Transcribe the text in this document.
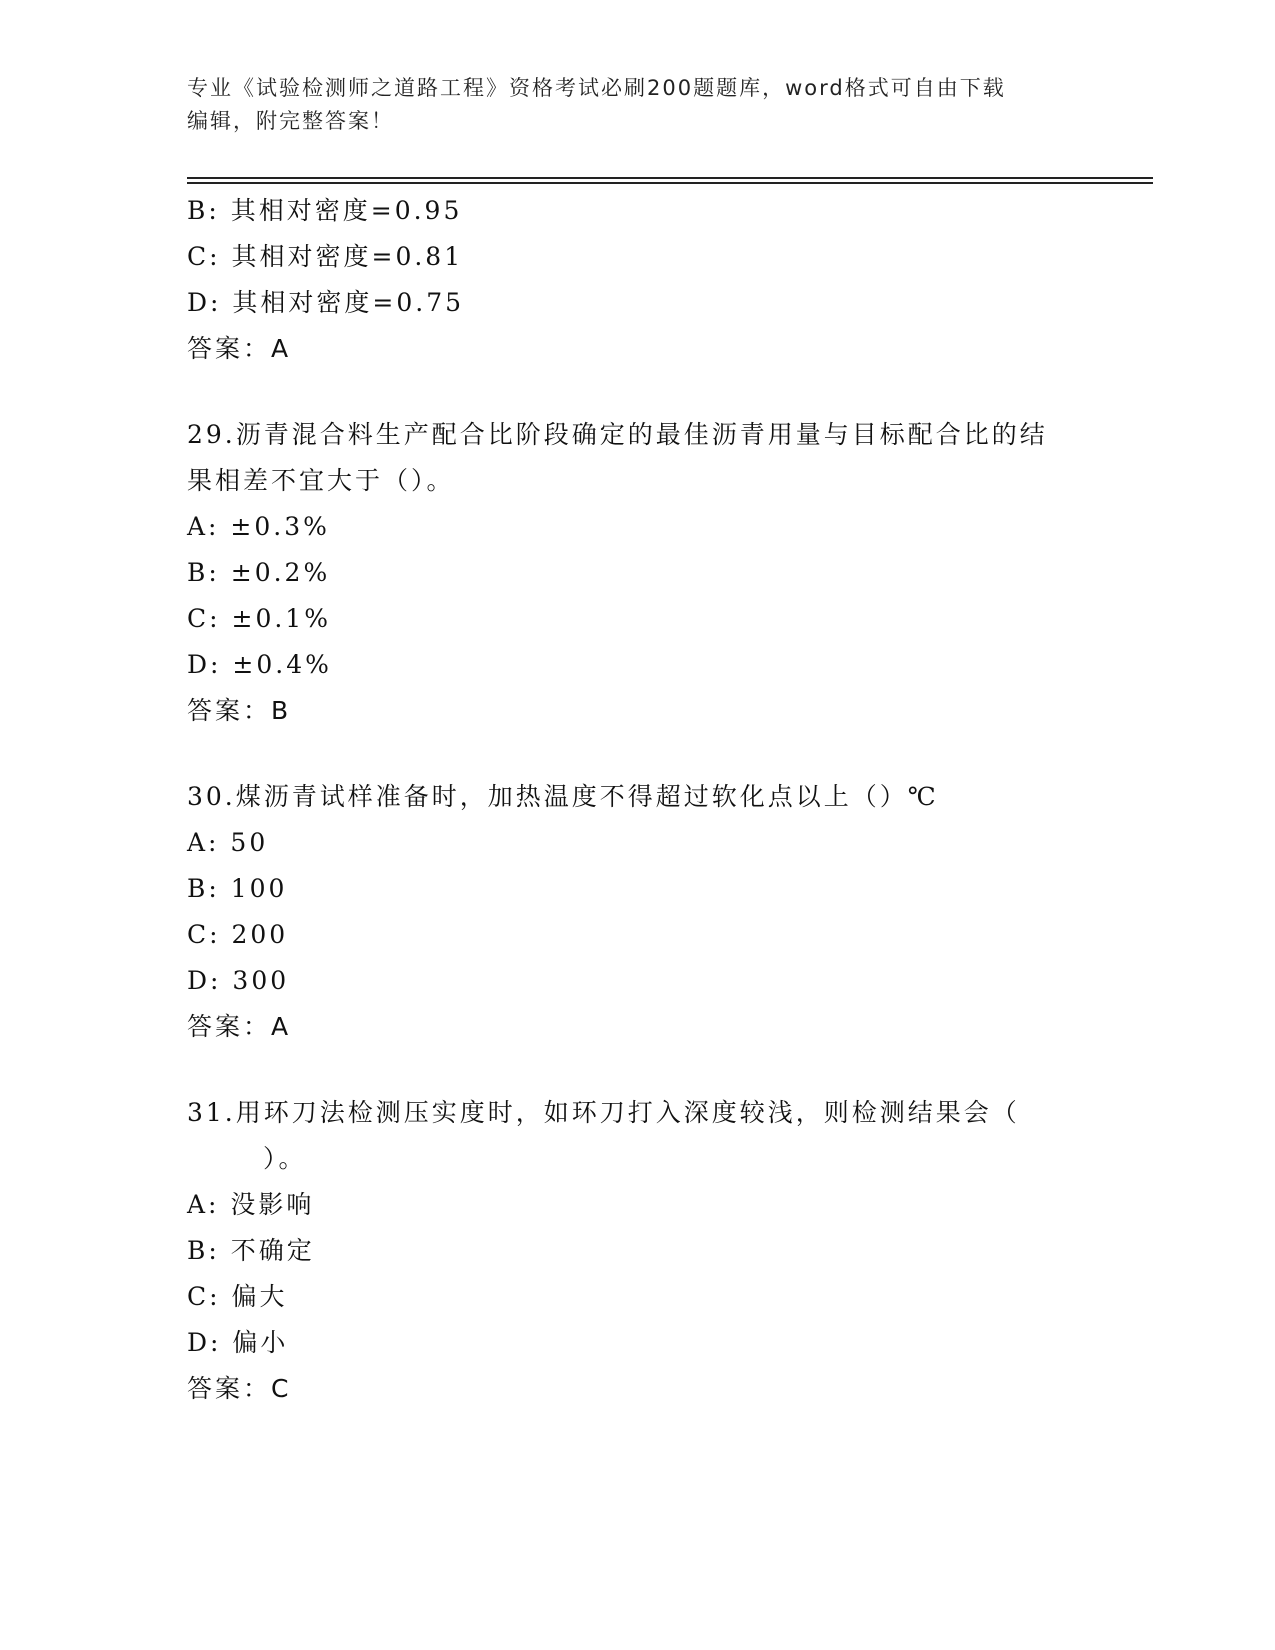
专业《试验检测师之道路工程》资格考试必刷200题题库，word格式可自由下载
编辑，附完整答案！
B: 其相对密度=0.95
C: 其相对密度=0.81
D: 其相对密度=0.75
答案：A
29.沥青混合料生产配合比阶段确定的最佳沥青用量与目标配合比的结
果相差不宜大于（）。
A: ±0.3%
B: ±0.2%
C: ±0.1%
D: ±0.4%
答案：B
30.煤沥青试样准备时，加热温度不得超过软化点以上（）℃
A: 50
B: 100
C: 200
D: 300
答案：A
31.用环刀法检测压实度时，如环刀打入深度较浅，则检测结果会（
）。
A: 没影响
B: 不确定
C: 偏大
D: 偏小
答案：C
